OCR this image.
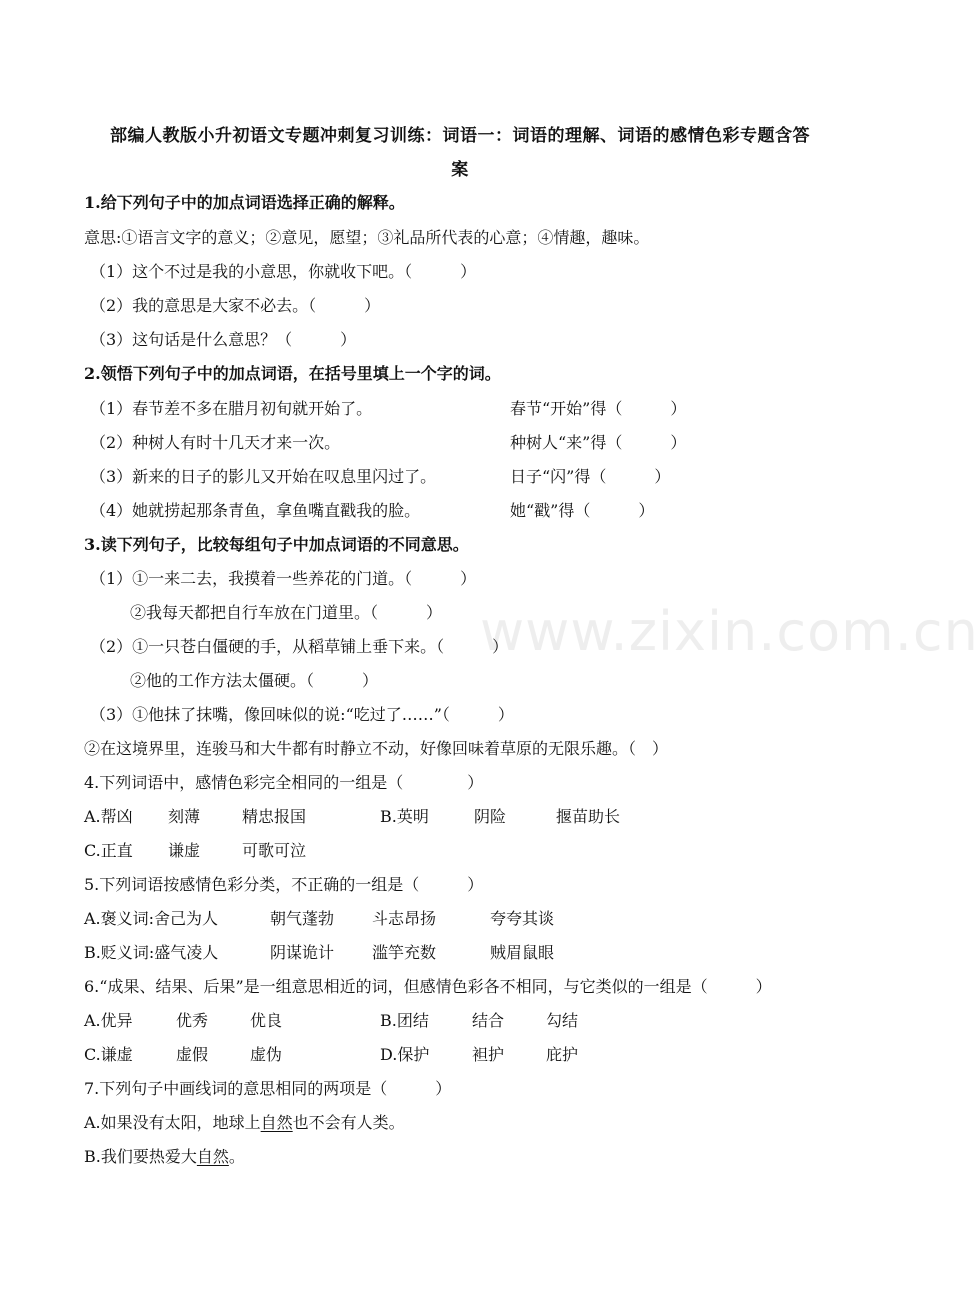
部编人教版小升初语文专题冲刺复习训练：词语一：词语的理解、词语的感情色彩专题含答
案
1.给下列句子中的加点词语选择正确的解释。
意思:①语言文字的意义；②意见，愿望；③礼品所代表的心意；④情趣，趣味。
（1）这个不过是我的小意思，你就收下吧。（　　　）
（2）我的意思是大家不必去。（　　　）
（3）这句话是什么意思？（　　　）
2.领悟下列句子中的加点词语，在括号里填上一个字的词。
（1）春节差不多在腊月初旬就开始了。	春节“开始”得（　　　）
（2）种树人有时十几天才来一次。	种树人“来”得（　　　）
（3）新来的日子的影儿又开始在叹息里闪过了。	日子“闪”得（　　　）
（4）她就捞起那条青鱼，拿鱼嘴直戳我的脸。	她“戳”得（　　　）
3.读下列句子，比较每组句子中加点词语的不同意思。
（1）①一来二去，我摸着一些养花的门道。（　　　）
②我每天都把自行车放在门道里。（　　　）
（2）①一只苍白僵硬的手，从稻草铺上垂下来。（　　　）
②他的工作方法太僵硬。（　　　）
（3）①他抹了抹嘴，像回味似的说:“吃过了……”（　　　）
②在这境界里，连骏马和大牛都有时静立不动，好像回味着草原的无限乐趣。（　）
4.下列词语中，感情色彩完全相同的一组是（　　　　）
A.帮凶 刻薄	精忠报国	B.英明	阴险	揠苗助长
C.正直 谦虚	可歌可泣
5.下列词语按感情色彩分类，不正确的一组是（　　　）
A.褒义词:舍己为人	朝气蓬勃 斗志昂扬	夸夸其谈
B.贬义词:盛气凌人	阴谋诡计 滥竽充数	贼眉鼠眼
6.“成果、结果、后果”是一组意思相近的词，但感情色彩各不相同，与它类似的一组是（　　　）
A.优异	优秀	优良	B.团结	结合	勾结
C.谦虚	虚假	虚伪	D.保护	袒护	庇护
7.下列句子中画线词的意思相同的两项是（　　　）
A.如果没有太阳，地球上自然也不会有人类。
B.我们要热爱大自然。
www.zixin.com.cn
